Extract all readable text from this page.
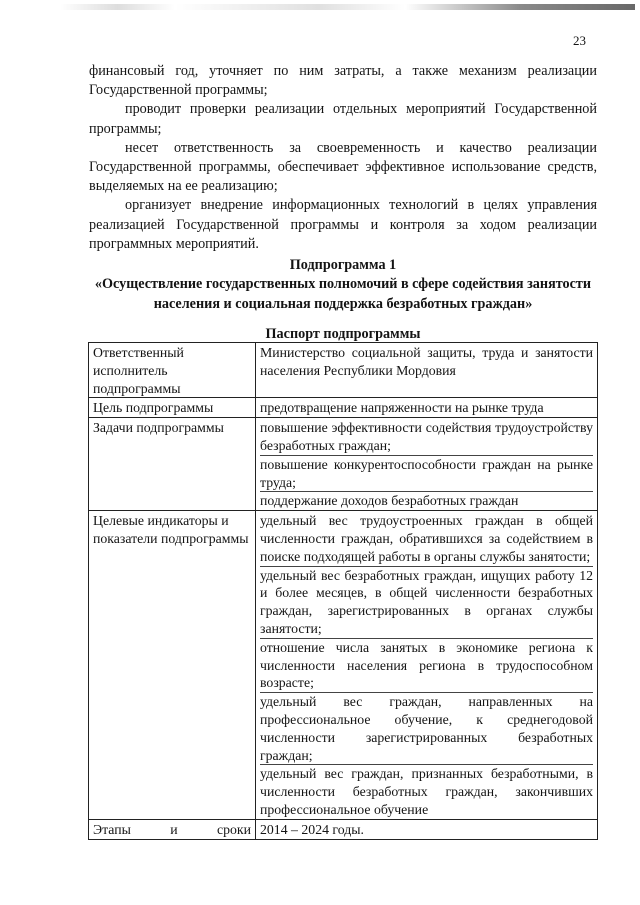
23

финансовый год, уточняет по ним затраты, а также механизм реализации Государственной программы;

проводит проверки реализации отдельных мероприятий Государственной программы;

несет ответственность за своевременность и качество реализации Государственной программы, обеспечивает эффективное использование средств, выделяемых на ее реализацию;

организует внедрение информационных технологий в целях управления реализацией Государственной программы и контроля за ходом реализации программных мероприятий.

Подпрограмма 1
«Осуществление государственных полномочий в сфере содействия занятости населения и социальная поддержка безработных граждан»
Паспорт подпрограммы
Ответственный исполнитель подпрограммы	Министерство социальной защиты, труда и занятости населения Республики Мордовия

Цель подпрограммы	предотвращение напряженности на рынке труда

Задачи подпрограммы	повышение эффективности содействия трудоустройству безработных граждан;

повышение конкурентоспособности граждан на рынке труда;

поддержание доходов безработных граждан

Целевые индикаторы и показатели подпрограммы	удельный вес трудоустроенных граждан в общей численности граждан, обратившихся за содействием в поиске подходящей работы в органы службы занятости;

удельный вес безработных граждан, ищущих работу 12 и более месяцев, в общей численности безработных граждан, зарегистрированных в органах службы занятости;

отношение числа занятых в экономике региона к численности населения региона в трудоспособном возрасте;

удельный вес граждан, направленных на профессиональное обучение, к среднегодовой численности зарегистрированных безработных граждан;

удельный вес граждан, признанных безработными, в численности безработных граждан, закончивших профессиональное обучение

Этапы и сроки	2014 – 2024 годы.
